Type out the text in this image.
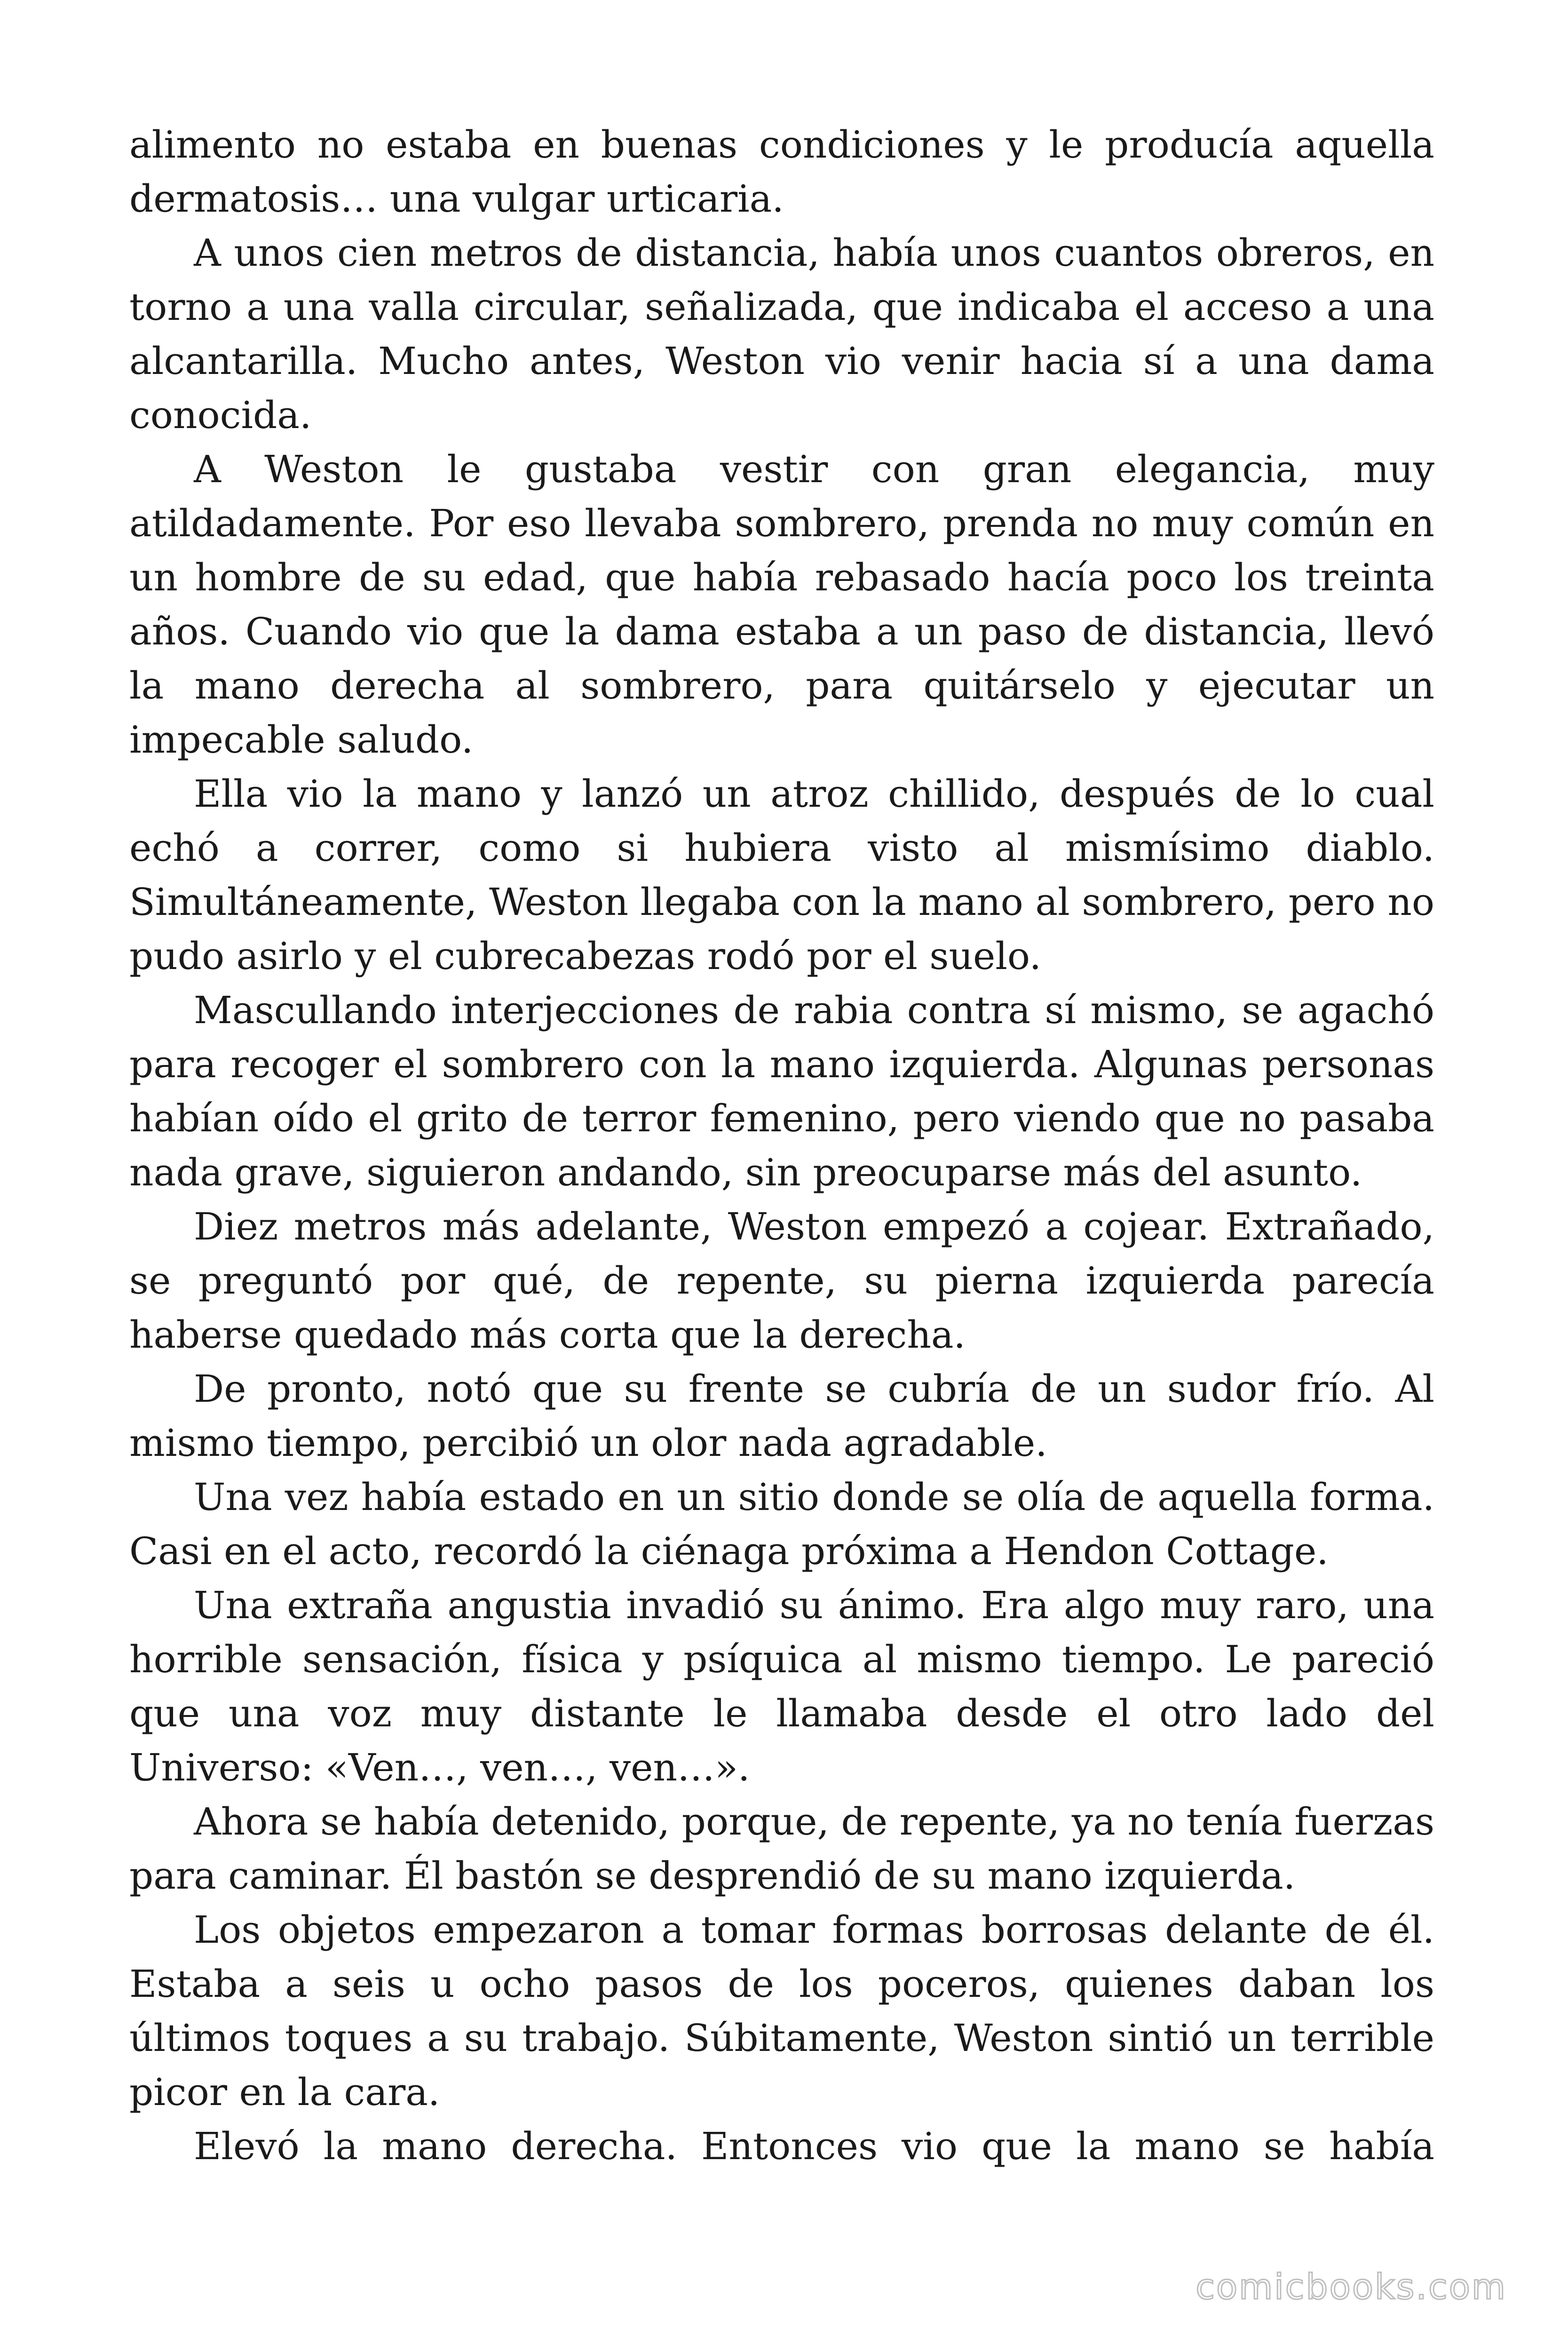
alimento no estaba en buenas condiciones y le producía aquella dermatosis… una vulgar urticaria.

A unos cien metros de distancia, había unos cuantos obreros, en torno a una valla circular, señalizada, que indicaba el acceso a una alcantarilla. Mucho antes, Weston vio venir hacia sí a una dama conocida.

A Weston le gustaba vestir con gran elegancia, muy atildadamente. Por eso llevaba sombrero, prenda no muy común en un hombre de su edad, que había rebasado hacía poco los treinta años. Cuando vio que la dama estaba a un paso de distancia, llevó la mano derecha al sombrero, para quitárselo y ejecutar un impecable saludo.

Ella vio la mano y lanzó un atroz chillido, después de lo cual echó a correr, como si hubiera visto al mismísimo diablo. Simultáneamente, Weston llegaba con la mano al sombrero, pero no pudo asirlo y el cubrecabezas rodó por el suelo.

Mascullando interjecciones de rabia contra sí mismo, se agachó para recoger el sombrero con la mano izquierda. Algunas personas habían oído el grito de terror femenino, pero viendo que no pasaba nada grave, siguieron andando, sin preocuparse más del asunto.

Diez metros más adelante, Weston empezó a cojear. Extrañado, se preguntó por qué, de repente, su pierna izquierda parecía haberse quedado más corta que la derecha.

De pronto, notó que su frente se cubría de un sudor frío. Al mismo tiempo, percibió un olor nada agradable.

Una vez había estado en un sitio donde se olía de aquella forma. Casi en el acto, recordó la ciénaga próxima a Hendon Cottage.

Una extraña angustia invadió su ánimo. Era algo muy raro, una horrible sensación, física y psíquica al mismo tiempo. Le pareció que una voz muy distante le llamaba desde el otro lado del Universo: «Ven…, ven…, ven…».

Ahora se había detenido, porque, de repente, ya no tenía fuerzas para caminar. Él bastón se desprendió de su mano izquierda.

Los objetos empezaron a tomar formas borrosas delante de él. Estaba a seis u ocho pasos de los poceros, quienes daban los últimos toques a su trabajo. Súbitamente, Weston sintió un terrible picor en la cara.

Elevó la mano derecha. Entonces vio que la mano se había

comicbooks.com
